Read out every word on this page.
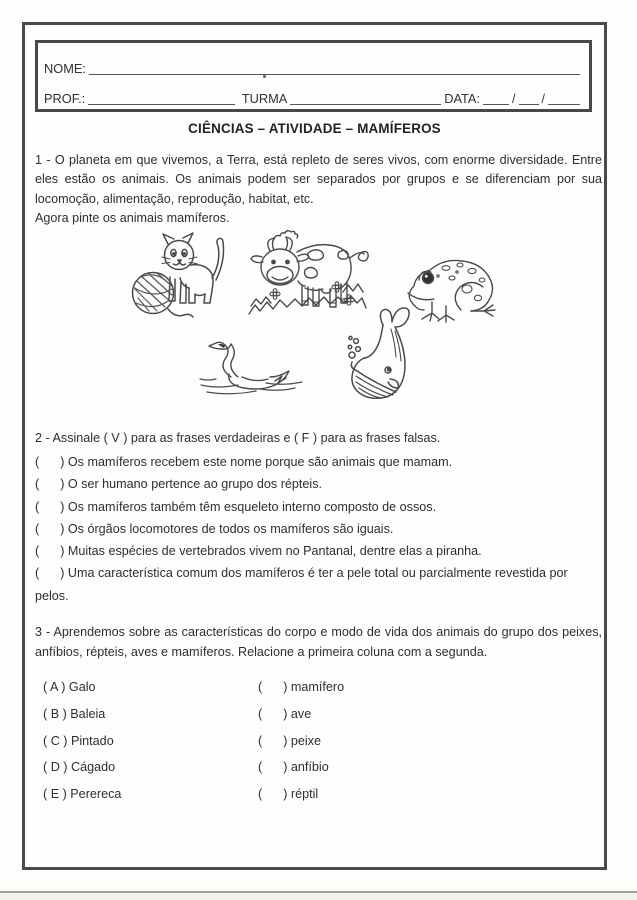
NOME:
PROF.:	TURMA	DATA:	/ /
CIÊNCIAS – ATIVIDADE – MAMÍFEROS

1 - O planeta em que vivemos, a Terra, está repleto de seres vivos, com enorme diversidade. Entre eles estão os animais. Os animais podem ser separados por grupos e se diferenciam por sua locomoção, alimentação, reprodução, habitat, etc.

Agora pinte os animais mamíferos.

2 - Assinale ( V ) para as frases verdadeiras e ( F ) para as frases falsas.

(      ) Os mamíferos recebem este nome porque são animais que mamam.
(      ) O ser humano pertence ao grupo dos répteis.
(      ) Os mamíferos também têm esqueleto interno composto de ossos.
(      ) Os órgãos locomotores de todos os mamíferos são iguais.
(      ) Muitas espécies de vertebrados vivem no Pantanal, dentre elas a piranha.
(      ) Uma característica comum dos mamíferos é ter a pele total ou parcialmente revestida por pelos.

3 - Aprendemos sobre as características do corpo e modo de vida dos animais do grupo dos peixes, anfíbios, répteis, aves e mamíferos. Relacione a primeira coluna com a segunda.

( A ) Galo	(      ) mamífero
( B ) Baleia	(      ) ave
( C ) Pintado	(      ) peixe
( D ) Cágado	(      ) anfíbio
( E ) Perereca	(      ) réptil
